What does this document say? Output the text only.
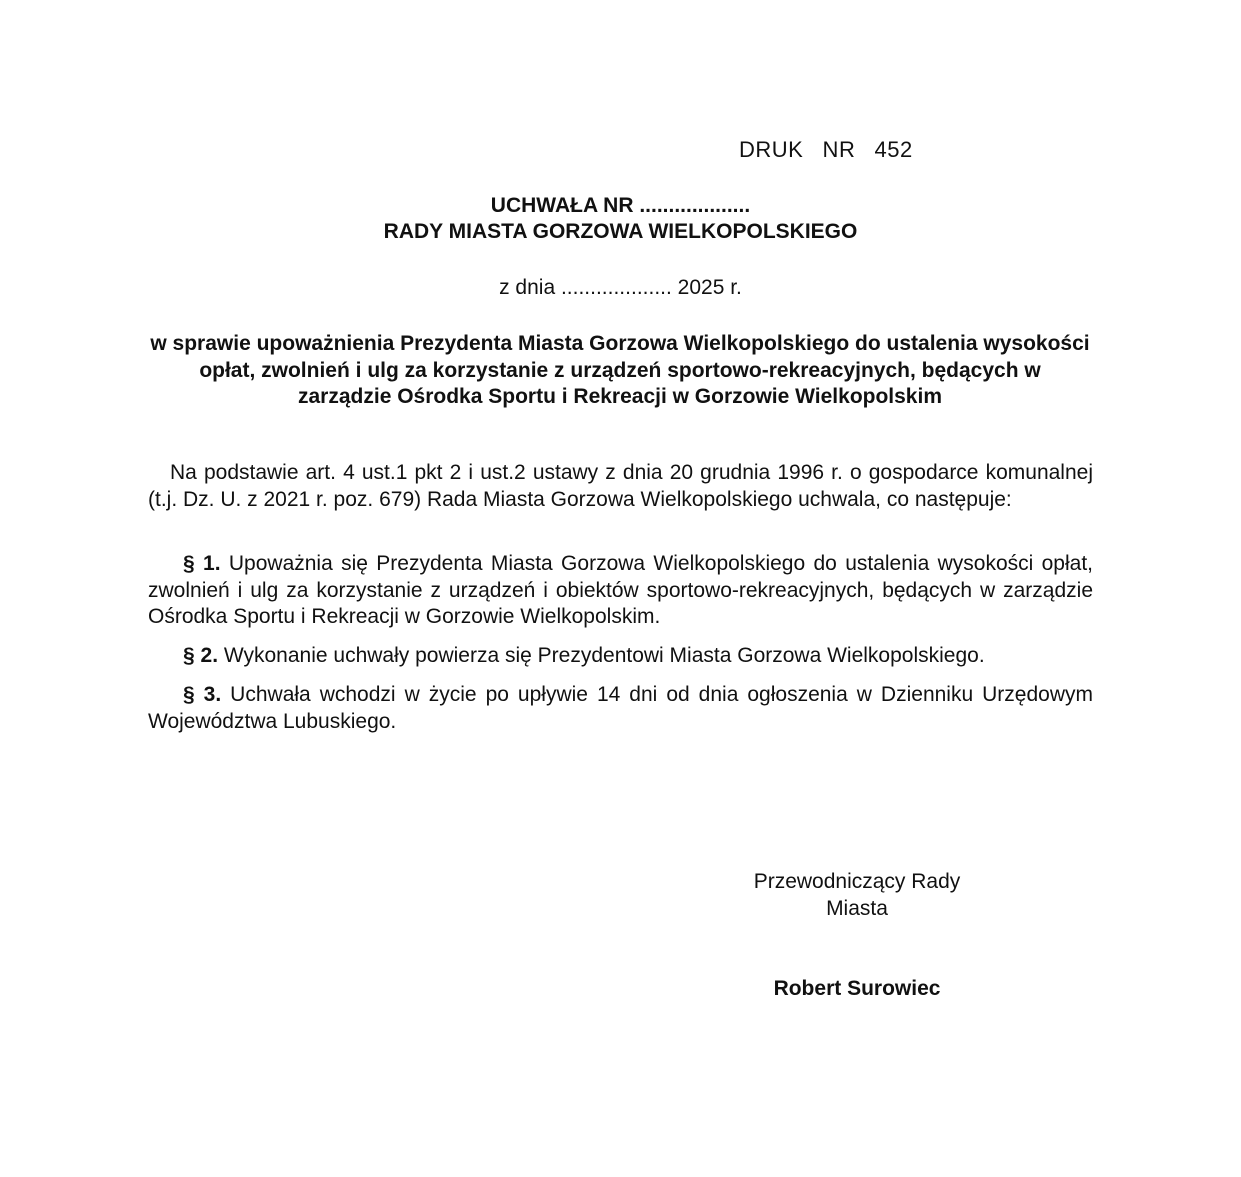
DRUK  NR  452
UCHWAŁA NR ...................
RADY MIASTA GORZOWA WIELKOPOLSKIEGO
z dnia ................... 2025 r.
w sprawie upoważnienia Prezydenta Miasta Gorzowa Wielkopolskiego do ustalenia wysokości opłat, zwolnień i ulg za korzystanie z urządzeń sportowo-rekreacyjnych, będących w zarządzie Ośrodka Sportu i Rekreacji w Gorzowie Wielkopolskim
Na podstawie art. 4 ust.1 pkt 2 i ust.2 ustawy z dnia 20 grudnia 1996 r. o gospodarce komunalnej (t.j. Dz. U. z 2021 r. poz. 679) Rada Miasta Gorzowa Wielkopolskiego uchwala, co następuje:
§ 1. Upoważnia się Prezydenta Miasta Gorzowa Wielkopolskiego do ustalenia wysokości opłat, zwolnień i ulg za korzystanie z urządzeń i obiektów sportowo-rekreacyjnych, będących w zarządzie Ośrodka Sportu i Rekreacji w Gorzowie Wielkopolskim.
§ 2. Wykonanie uchwały powierza się Prezydentowi Miasta Gorzowa Wielkopolskiego.
§ 3. Uchwała wchodzi w życie po upływie 14 dni od dnia ogłoszenia w Dzienniku Urzędowym Województwa Lubuskiego.
Przewodniczący Rady
Miasta
Robert Surowiec
